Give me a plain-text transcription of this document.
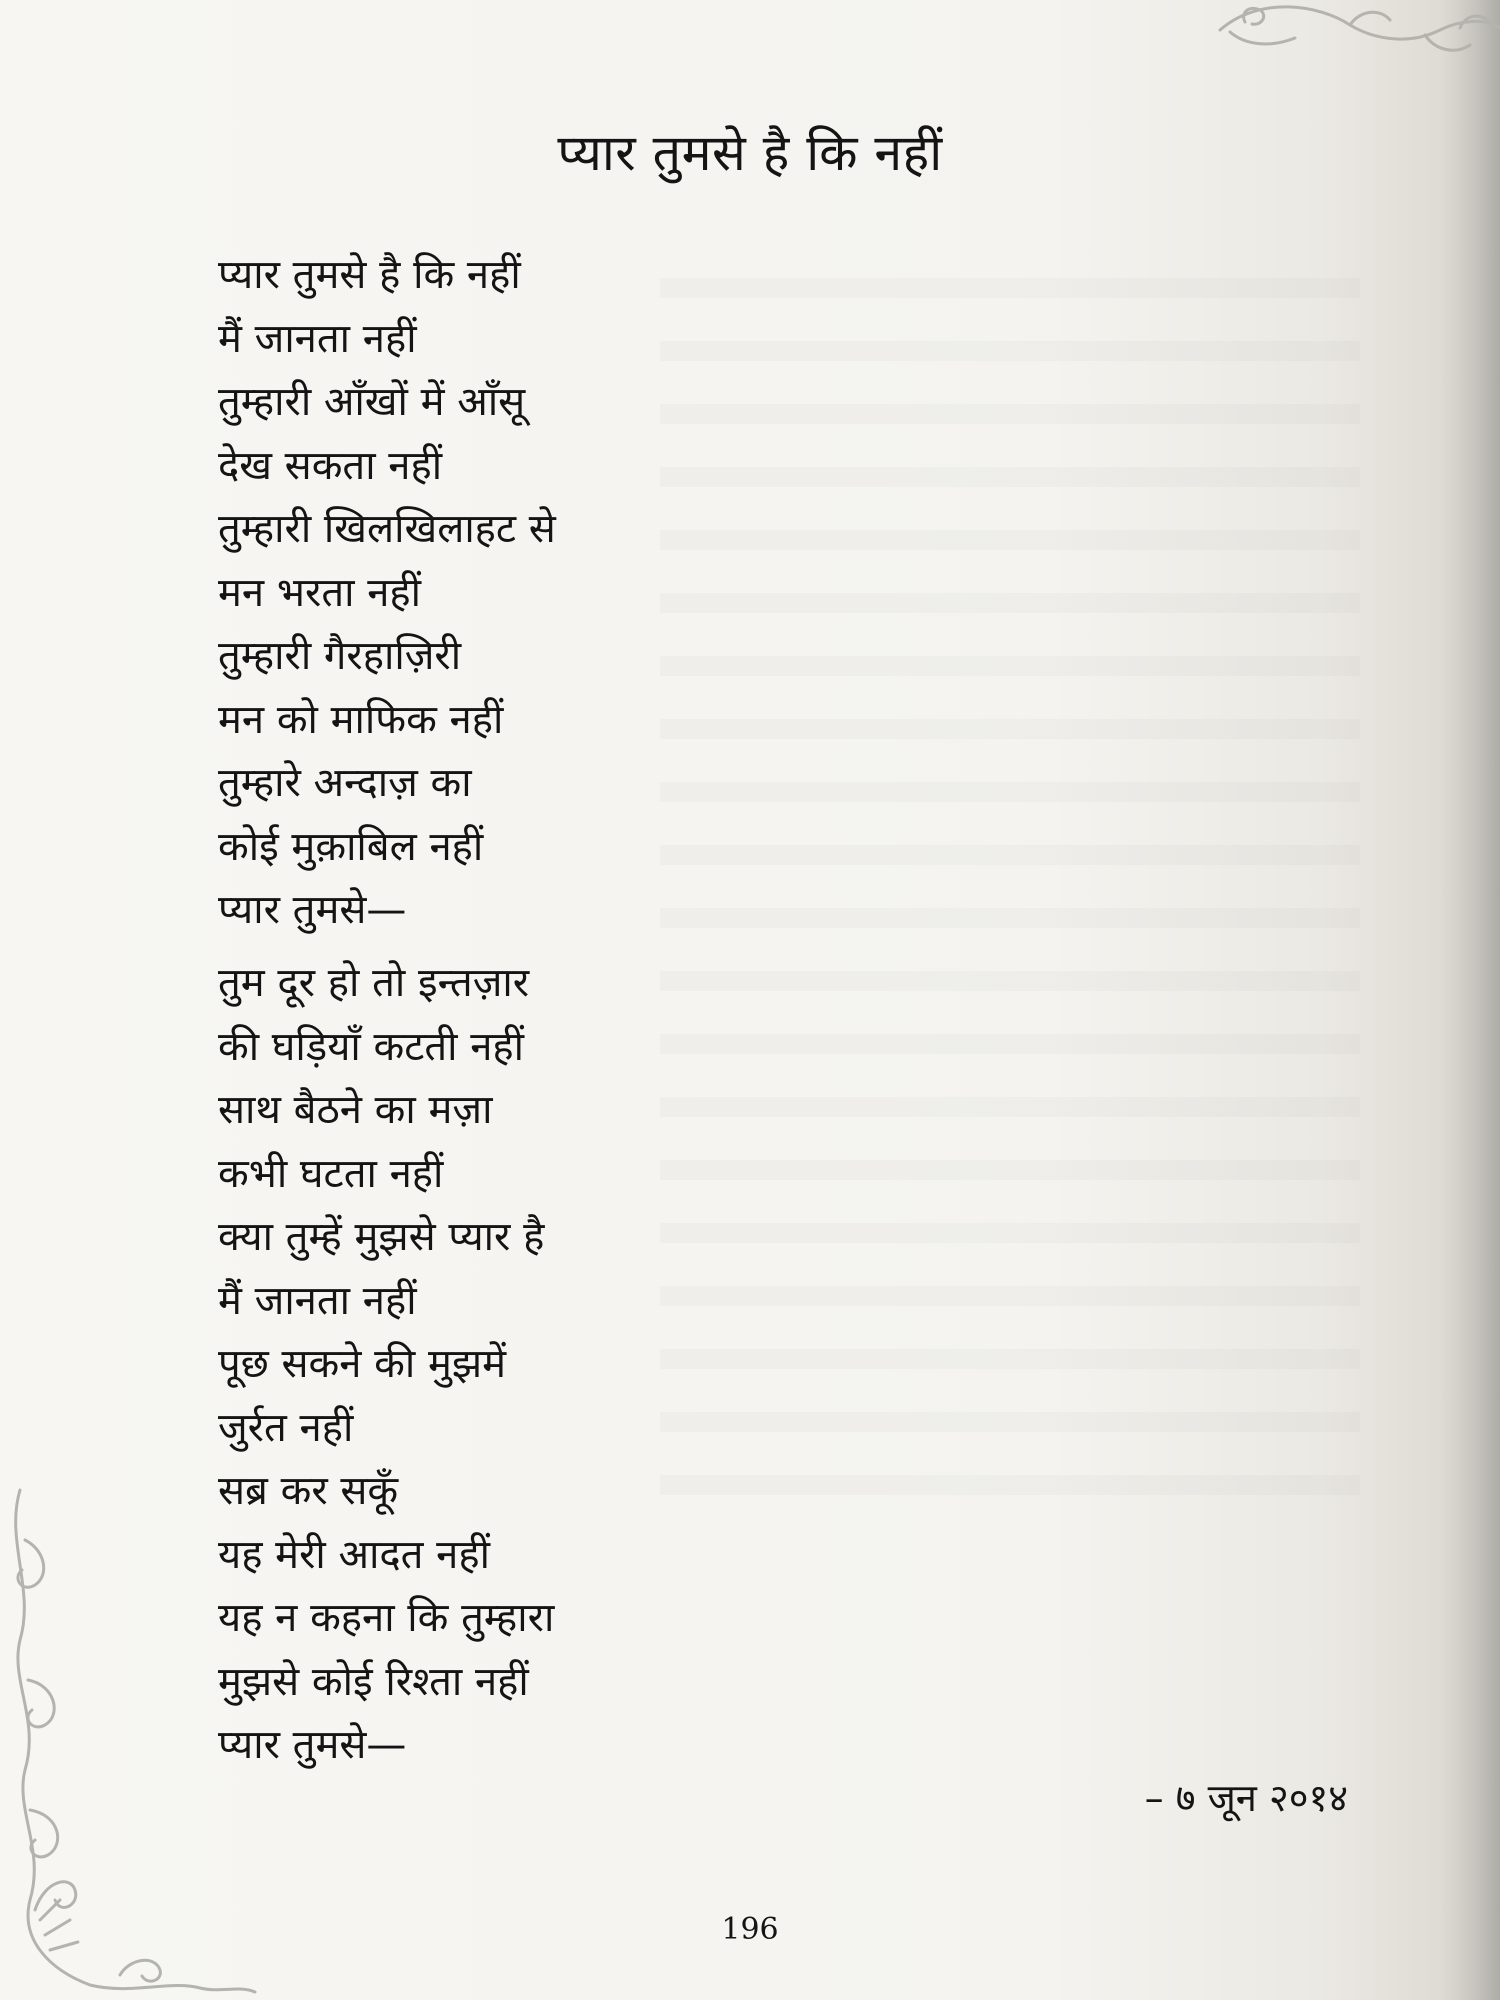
प्यार तुमसे है कि नहीं
प्यार तुमसे है कि नहीं
मैं जानता नहीं
तुम्हारी आँखों में आँसू
देख सकता नहीं
तुम्हारी खिलखिलाहट से
मन भरता नहीं
तुम्हारी गैरहाज़िरी
मन को माफिक नहीं
तुम्हारे अन्दाज़ का
कोई मुक़ाबिल नहीं
प्यार तुमसे—
तुम दूर हो तो इन्तज़ार
की घड़ियाँ कटती नहीं
साथ बैठने का मज़ा
कभी घटता नहीं
क्या तुम्हें मुझसे प्यार है
मैं जानता नहीं
पूछ सकने की मुझमें
जुर्रत नहीं
सब्र कर सकूँ
यह मेरी आदत नहीं
यह न कहना कि तुम्हारा
मुझसे कोई रिश्ता नहीं
प्यार तुमसे—
– ७ जून २०१४
196
